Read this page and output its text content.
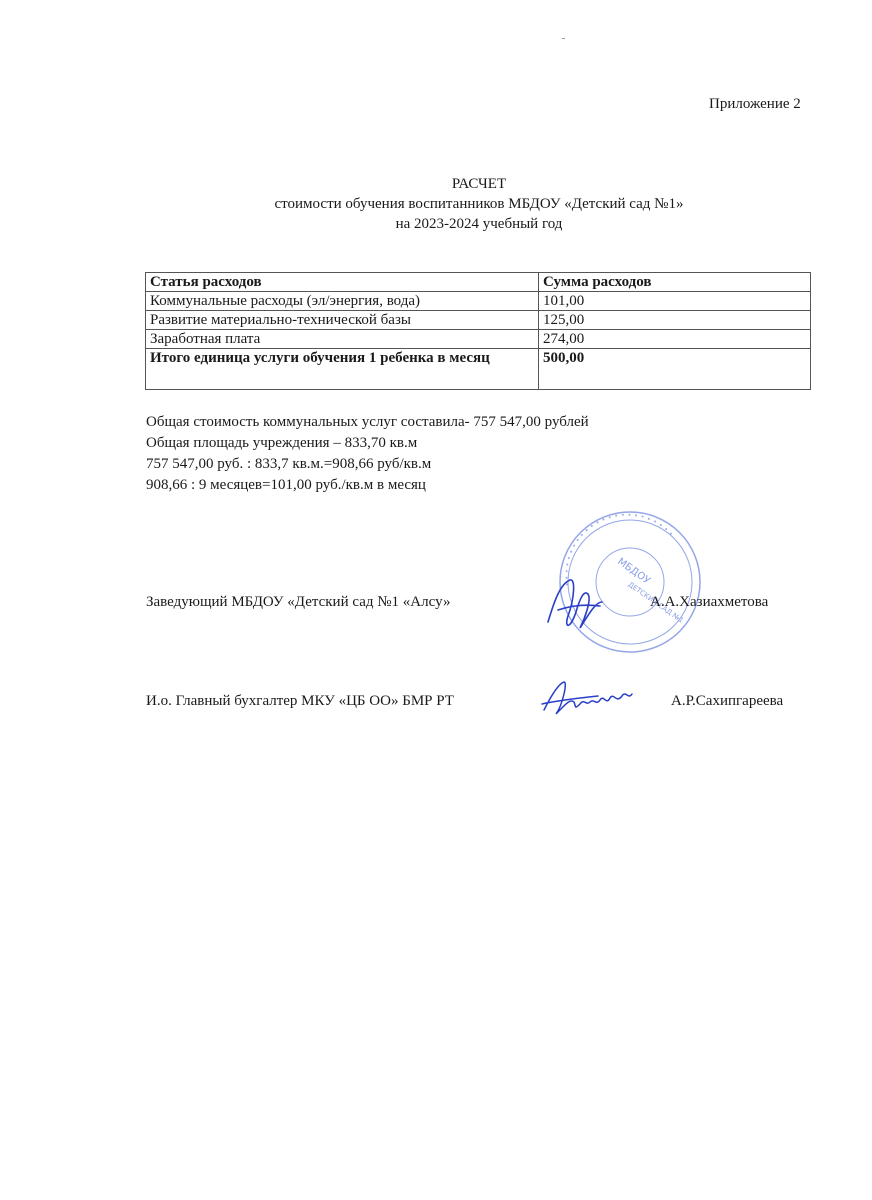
Приложение 2
РАСЧЕТ
стоимости обучения воспитанников МБДОУ «Детский сад №1»
на 2023-2024 учебный год
Статья расходов	Сумма расходов
Коммунальные расходы (эл/энергия, вода)	101,00
Развитие материально-технической базы	125,00
Заработная плата	274,00
Итого единица услуги обучения 1 ребенка в месяц	500,00
Общая стоимость коммунальных услуг составила- 757 547,00 рублей
Общая площадь учреждения – 833,70 кв.м
757 547,00 руб. : 833,7 кв.м.=908,66 руб/кв.м
908,66 : 9 месяцев=101,00 руб./кв.м в месяц
• • • • • • • • • • • • • • • • • • • • • • • •
МБДОУ
ДЕТСКИЙ САД №1
Заведующий МБДОУ «Детский сад №1 «Алсу»	А.А.Хазиахметова
И.о. Главный бухгалтер МКУ «ЦБ ОО» БМР РТ	А.Р.Сахипгареева
